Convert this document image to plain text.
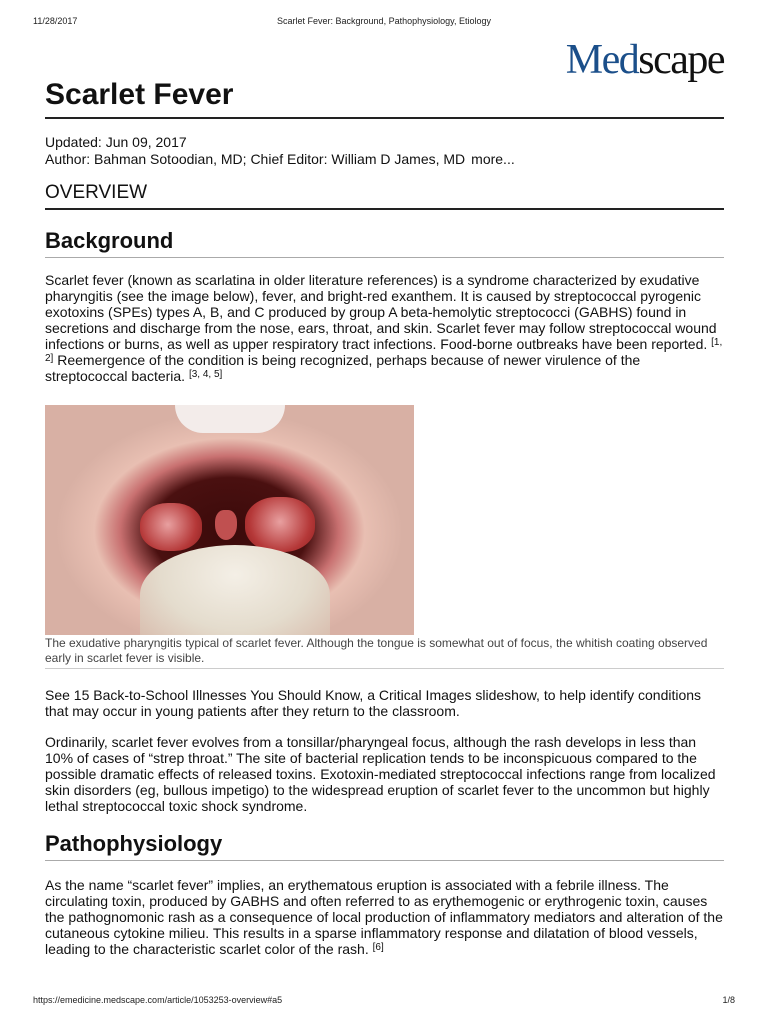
11/28/2017	Scarlet Fever: Background, Pathophysiology, Etiology
Medscape
Scarlet Fever
Updated: Jun 09, 2017
Author: Bahman Sotoodian, MD; Chief Editor: William D James, MD more...
OVERVIEW
Background

Scarlet fever (known as scarlatina in older literature references) is a syndrome characterized by exudative pharyngitis (see the image below), fever, and bright-red exanthem. It is caused by streptococcal pyrogenic exotoxins (SPEs) types A, B, and C produced by group A beta-hemolytic streptococci (GABHS) found in secretions and discharge from the nose, ears, throat, and skin. Scarlet fever may follow streptococcal wound infections or burns, as well as upper respiratory tract infections. Food-borne outbreaks have been reported. [1, 2] Reemergence of the condition is being recognized, perhaps because of newer virulence of the streptococcal bacteria. [3, 4, 5]

The exudative pharyngitis typical of scarlet fever. Although the tongue is somewhat out of focus, the whitish coating observed early in scarlet fever is visible.

See 15 Back-to-School Illnesses You Should Know, a Critical Images slideshow, to help identify conditions that may occur in young patients after they return to the classroom.

Ordinarily, scarlet fever evolves from a tonsillar/pharyngeal focus, although the rash develops in less than 10% of cases of “strep throat.” The site of bacterial replication tends to be inconspicuous compared to the possible dramatic effects of released toxins. Exotoxin-mediated streptococcal infections range from localized skin disorders (eg, bullous impetigo) to the widespread eruption of scarlet fever to the uncommon but highly lethal streptococcal toxic shock syndrome.

Pathophysiology

As the name “scarlet fever” implies, an erythematous eruption is associated with a febrile illness. The circulating toxin, produced by GABHS and often referred to as erythemogenic or erythrogenic toxin, causes the pathognomonic rash as a consequence of local production of inflammatory mediators and alteration of the cutaneous cytokine milieu. This results in a sparse inflammatory response and dilatation of blood vessels, leading to the characteristic scarlet color of the rash. [6]

https://emedicine.medscape.com/article/1053253-overview#a5	1/8
